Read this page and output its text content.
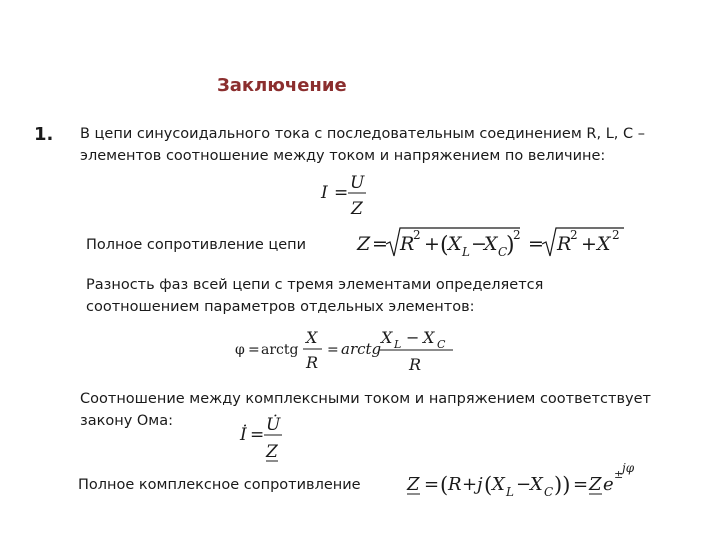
Заключение
1. В цепи синусоидального тока с последовательным соединением R, L, C –
элементов соотношение между током и напряжением по величине:
Полное сопротивление цепи
Разность фаз всей цепи с тремя элементами определяется
соотношением параметров отдельных элементов:
Соотношение между комплексными током и напряжением соответствует
закону Ома:
Полное комплексное сопротивление
I = U
Z
Z = R
2 + ( X L −
X C
)
2 = R
2 + X 2
φ = arctg
X
R
= arctg
X L − X C
R
İ = U̇
Z
Z = ( R + j ( X L −
X C )) = Z e ±
jφ
